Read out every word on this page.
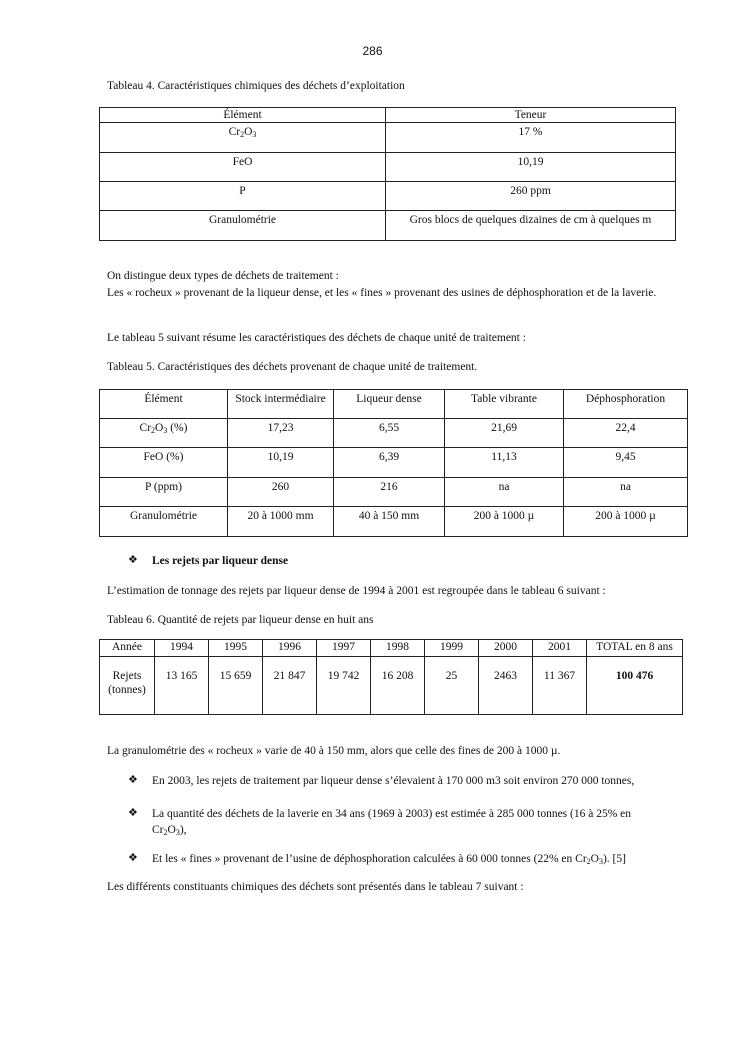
286
Tableau 4. Caractéristiques chimiques des déchets d’exploitation
Élément	Teneur
$Cr_2O_3$	17 %
FeO	10,19
P	260 ppm
Granulométrie	Gros blocs de quelques dizaines de cm à quelques m
On distingue deux types de déchets de traitement :
Les « rocheux » provenant de la liqueur dense, et les « fines » provenant des usines de déphosphoration et de la laverie.
Le tableau 5 suivant résume les caractéristiques des déchets de chaque unité de traitement :
Tableau 5. Caractéristiques des déchets provenant de chaque unité de traitement.
Élément	Stock intermédiaire	Liqueur dense	Table vibrante	Déphosphoration
$Cr_2O_3$ (%)	17,23	6,55	21,69	22,4
FeO (%)	10,19	6,39	11,13	9,45
P (ppm)	260	216	na	na
Granulométrie	20 à 1000 mm	40 à 150 mm	200 à 1000 µ	200 à 1000 µ
❖ Les rejets par liqueur dense
L’estimation de tonnage des rejets par liqueur dense de 1994 à 2001 est regroupée dans le tableau 6 suivant :
Tableau 6. Quantité de rejets par liqueur dense en huit ans
Année	1994	1995	1996	1997	1998	1999	2000	2001	TOTAL en 8 ans
Rejets (tonnes)	13 165	15 659	21 847	19 742	16 208	25	2463	11 367	100 476
La granulométrie des « rocheux » varie de 40 à 150 mm, alors que celle des fines de 200 à 1000 µ.
❖ En 2003, les rejets de traitement par liqueur dense s’élevaient à 170 000 m3 soit environ 270 000 tonnes,
❖ La quantité des déchets de la laverie en 34 ans (1969 à 2003) est estimée à 285 000 tonnes (16 à 25% en
$Cr_2O_3$),
❖ Et les « fines » provenant de l’usine de déphosphoration calculées à 60 000 tonnes (22% en $Cr_2O_3$). [5]
Les différents constituants chimiques des déchets sont présentés dans le tableau 7 suivant :
